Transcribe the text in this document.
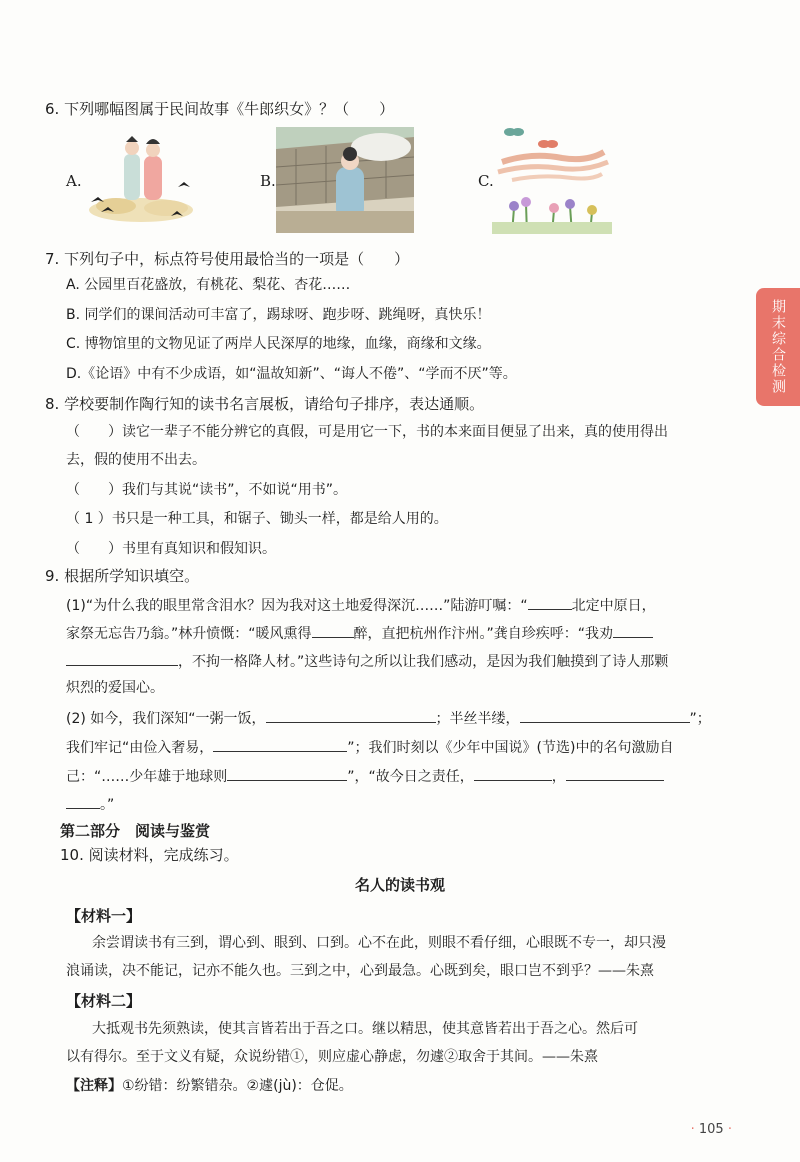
期末综合检测
6. 下列哪幅图属于民间故事《牛郎织女》？（　　）
A.	B.	C.
7. 下列句子中，标点符号使用最恰当的一项是（　　）
A. 公园里百花盛放，有桃花、梨花、杏花……
B. 同学们的课间活动可丰富了，踢球呀、跑步呀、跳绳呀，真快乐！
C. 博物馆里的文物见证了两岸人民深厚的地缘，血缘，商缘和文缘。
D.《论语》中有不少成语，如“温故知新”、“诲人不倦”、“学而不厌”等。
8. 学校要制作陶行知的读书名言展板，请给句子排序，表达通顺。
（　　）读它一辈子不能分辨它的真假，可是用它一下，书的本来面目便显了出来，真的使用得出
去，假的使用不出去。
（　　）我们与其说“读书”，不如说“用书”。
（ 1 ）书只是一种工具，和锯子、锄头一样，都是给人用的。
（　　）书里有真知识和假知识。
9. 根据所学知识填空。
(1)“为什么我的眼里常含泪水？因为我对这土地爱得深沉……”陆游叮嘱：“	北定中原日，
家祭无忘告乃翁。”林升愤慨：“暖风熏得	醉，直把杭州作汴州。”龚自珍疾呼：“我劝
，不拘一格降人材。”这些诗句之所以让我们感动，是因为我们触摸到了诗人那颗
炽烈的爱国心。
(2) 如今，我们深知“一粥一饭，	；半丝半缕，	”；
我们牢记“由俭入奢易，	”；我们时刻以《少年中国说》(节选)中的名句激励自
己：“……少年雄于地球则	”，“故今日之责任，	，
。”
第二部分　阅读与鉴赏
10. 阅读材料，完成练习。
名人的读书观
【材料一】
余尝谓读书有三到，谓心到、眼到、口到。心不在此，则眼不看仔细，心眼既不专一，却只漫
浪诵读，决不能记，记亦不能久也。三到之中，心到最急。心既到矣，眼口岂不到乎？——朱熹
【材料二】
大抵观书先须熟读，使其言皆若出于吾之口。继以精思，使其意皆若出于吾之心。然后可
以有得尔。至于文义有疑，众说纷错①，则应虚心静虑，勿遽②取舍于其间。——朱熹
【注释】①纷错：纷繁错杂。②遽(jù)：仓促。
· 105 ·
